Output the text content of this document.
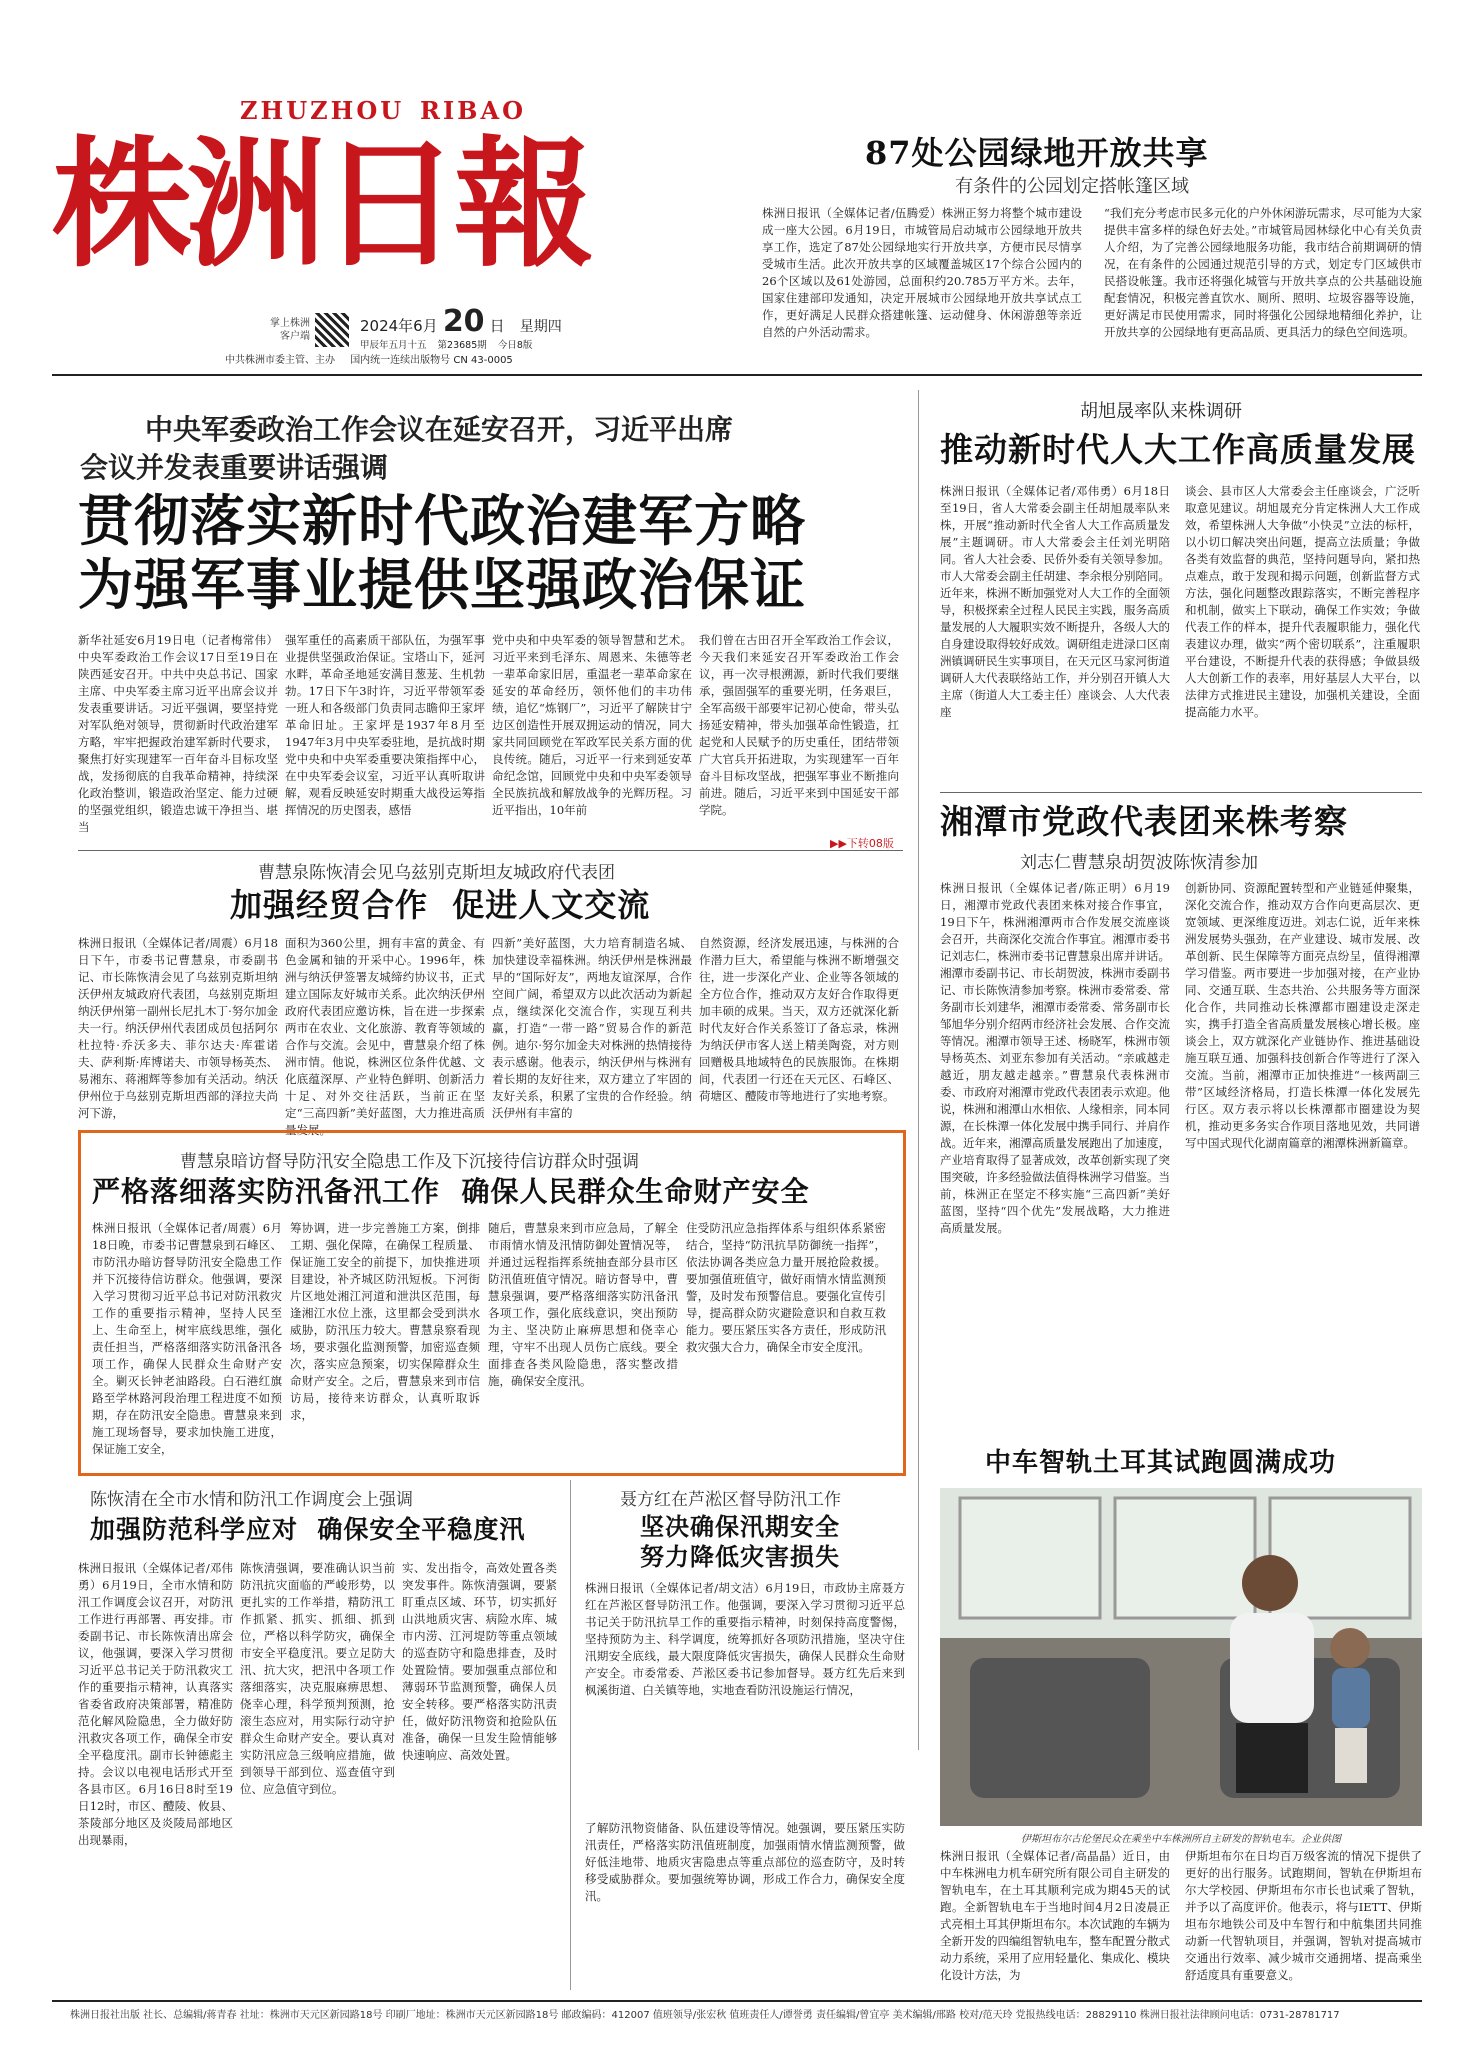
ZHUZHOU RIBAO
株洲日報
掌上株洲
客户端
2024年6月 20 日 星期四
甲辰年五月十五 第23685期 今日8版
中共株洲市委主管、主办 国内统一连续出版物号 CN 43-0005
87处公园绿地开放共享
有条件的公园划定搭帐篷区域
株洲日报讯（全媒体记者/伍腾爱）株洲正努力将整个城市建设成一座大公园。6月19日，市城管局启动城市公园绿地开放共享工作，选定了87处公园绿地实行开放共享，方便市民尽情享受城市生活。此次开放共享的区域覆盖城区17个综合公园内的26个区域以及61处游园，总面积约20.785万平方米。去年，国家住建部印发通知，决定开展城市公园绿地开放共享试点工作，更好满足人民群众搭建帐篷、运动健身、休闲游憩等亲近自然的户外活动需求。
“我们充分考虑市民多元化的户外休闲游玩需求，尽可能为大家提供丰富多样的绿色好去处。”市城管局园林绿化中心有关负责人介绍，为了完善公园绿地服务功能，我市结合前期调研的情况，在有条件的公园通过规范引导的方式，划定专门区域供市民搭设帐篷。我市还将强化城管与开放共享点的公共基础设施配套情况，积极完善直饮水、厕所、照明、垃圾容器等设施，更好满足市民使用需求，同时将强化公园绿地精细化养护，让开放共享的公园绿地有更高品质、更具活力的绿色空间选项。
中央军委政治工作会议在延安召开，习近平出席
会议并发表重要讲话强调
贯彻落实新时代政治建军方略
为强军事业提供坚强政治保证
新华社延安6月19日电（记者梅常伟）中央军委政治工作会议17日至19日在陕西延安召开。中共中央总书记、国家主席、中央军委主席习近平出席会议并发表重要讲话。习近平强调，要坚持党对军队绝对领导，贯彻新时代政治建军方略，牢牢把握政治建军新时代要求，聚焦打好实现建军一百年奋斗目标攻坚战，发扬彻底的自我革命精神，持续深化政治整训，锻造政治坚定、能力过硬的坚强党组织，锻造忠诚干净担当、堪当
强军重任的高素质干部队伍，为强军事业提供坚强政治保证。宝塔山下，延河水畔，革命圣地延安满目葱茏、生机勃勃。17日下午3时许，习近平带领军委一班人和各级部门负责同志瞻仰王家坪革命旧址。王家坪是1937年8月至1947年3月中央军委驻地，是抗战时期党中央和中央军委重要决策指挥中心，在中央军委会议室，习近平认真听取讲解，观看反映延安时期重大战役运筹指挥情况的历史图表，感悟
党中央和中央军委的领导智慧和艺术。习近平来到毛泽东、周恩来、朱德等老一辈革命家旧居，重温老一辈革命家在延安的革命经历，领怀他们的丰功伟绩，追忆“炼钢厂”，习近平了解陕甘宁边区创造性开展双拥运动的情况，同大家共同回顾党在军政军民关系方面的优良传统。随后，习近平一行来到延安革命纪念馆，回顾党中央和中央军委领导全民族抗战和解放战争的光辉历程。习近平指出，10年前
我们曾在古田召开全军政治工作会议，今天我们来延安召开军委政治工作会议，再一次寻根溯源，新时代我们要继承，强固强军的重要光明，任务艰巨，全军高级干部要牢记初心使命，带头弘扬延安精神，带头加强革命性锻造，扛起党和人民赋予的历史重任，团结带领广大官兵开拓进取，为实现建军一百年奋斗目标攻坚战，把强军事业不断推向前进。随后，习近平来到中国延安干部学院。
▶▶下转08版
胡旭晟率队来株调研
推动新时代人大工作高质量发展
株洲日报讯（全媒体记者/邓伟勇）6月18日至19日，省人大常委会副主任胡旭晟率队来株，开展“推动新时代全省人大工作高质量发展”主题调研。市人大常委会主任刘光明陪同。省人大社会委、民侨外委有关领导参加。市人大常委会副主任胡建、李余根分别陪同。近年来，株洲不断加强党对人大工作的全面领导，积极探索全过程人民民主实践，服务高质量发展的人大履职实效不断提升，各级人大的自身建设取得较好成效。调研组走进渌口区南洲镇调研民生实事项目，在天元区马家河街道调研人大代表联络站工作，并分别召开镇人大主席（街道人大工委主任）座谈会、人大代表座
谈会、县市区人大常委会主任座谈会，广泛听取意见建议。胡旭晟充分肯定株洲人大工作成效，希望株洲人大争做“小快灵”立法的标杆，以小切口解决突出问题，提高立法质量；争做各类有效监督的典范，坚持问题导向，紧扣热点难点，敢于发现和揭示问题，创新监督方式方法，强化问题整改跟踪落实，不断完善程序和机制，做实上下联动，确保工作实效；争做代表工作的样本，提升代表履职能力，强化代表建议办理，做实“两个密切联系”，注重履职平台建设，不断提升代表的获得感；争做县级人大创新工作的表率，用好基层人大平台，以法律方式推进民主建设，加强机关建设，全面提高能力水平。
湘潭市党政代表团来株考察
刘志仁曹慧泉胡贺波陈恢清参加
株洲日报讯（全媒体记者/陈正明）6月19日，湘潭市党政代表团来株对接合作事宜，19日下午，株洲湘潭两市合作发展交流座谈会召开，共商深化交流合作事宜。湘潭市委书记刘志仁，株洲市委书记曹慧泉出席并讲话。湘潭市委副书记、市长胡贺波，株洲市委副书记、市长陈恢清参加考察。株洲市委常委、常务副市长刘建华，湘潭市委常委、常务副市长邹旭华分别介绍两市经济社会发展、合作交流等情况。湘潭市领导王述、杨晓军，株洲市领导杨英杰、刘亚东参加有关活动。“亲戚越走越近，朋友越走越亲。”曹慧泉代表株洲市委、市政府对湘潭市党政代表团表示欢迎。他说，株洲和湘潭山水相依、人缘相亲，同本同源，在长株潭一体化发展中携手同行、并肩作战。近年来，湘潭高质量发展跑出了加速度，产业培育取得了显著成效，改革创新实现了突围突破，许多经验做法值得株洲学习借鉴。当前，株洲正在坚定不移实施“三高四新”美好蓝图，坚持“四个优先”发展战略，大力推进高质量发展。
创新协同、资源配置转型和产业链延伸聚集，深化交流合作，推动双方合作向更高层次、更宽领域、更深维度迈进。刘志仁说，近年来株洲发展势头强劲，在产业建设、城市发展、改革创新、民生保障等方面亮点纷呈，值得湘潭学习借鉴。两市要进一步加强对接，在产业协同、交通互联、生态共治、公共服务等方面深化合作，共同推动长株潭都市圈建设走深走实，携手打造全省高质量发展核心增长极。座谈会上，双方就深化产业链协作、推进基础设施互联互通、加强科技创新合作等进行了深入交流。当前，湘潭市正加快推进“一核两副三带”区域经济格局，打造长株潭一体化发展先行区。双方表示将以长株潭都市圈建设为契机，推动更多务实合作项目落地见效，共同谱写中国式现代化湖南篇章的湘潭株洲新篇章。
曹慧泉陈恢清会见乌兹别克斯坦友城政府代表团
加强经贸合作  促进人文交流
株洲日报讯（全媒体记者/周震）6月18日下午，市委书记曹慧泉，市委副书记、市长陈恢清会见了乌兹别克斯坦纳沃伊州友城政府代表团，乌兹别克斯坦纳沃伊州第一副州长尼扎木丁·努尔加金夫一行。纳沃伊州代表团成员包括阿尔杜拉特·乔沃多夫、菲尔达夫·库霍诺夫、萨利斯·库博诺夫、市领导杨英杰、易湘东、蒋湘辉等参加有关活动。纳沃伊州位于乌兹别克斯坦西部的泽拉夫尚河下游，
面积为360公里，拥有丰富的黄金、有色金属和铀的开采中心。1996年，株洲与纳沃伊签署友城缔约协议书，正式建立国际友好城市关系。此次纳沃伊州政府代表团应邀访株，旨在进一步探索两市在农业、文化旅游、教育等领域的合作与交流。会见中，曹慧泉介绍了株洲市情。他说，株洲区位条件优越、文化底蕴深厚、产业特色鲜明、创新活力十足、对外交往活跃，当前正在坚定“三高四新”美好蓝图，大力推进高质量发展。
四新”美好蓝图，大力培育制造名城、加快建设幸福株洲。纳沃伊州是株洲最早的“国际好友”，两地友谊深厚，合作空间广阔，希望双方以此次活动为新起点，继续深化交流合作，实现互利共赢，打造“一带一路”贸易合作的新范例。迪尔·努尔加金夫对株洲的热情接待表示感谢。他表示，纳沃伊州与株洲有着长期的友好往来，双方建立了牢固的友好关系，积累了宝贵的合作经验。纳沃伊州有丰富的
自然资源，经济发展迅速，与株洲的合作潜力巨大，希望能与株洲不断增强交往，进一步深化产业、企业等各领域的全方位合作，推动双方友好合作取得更加丰硕的成果。当天，双方还就深化新时代友好合作关系签订了备忘录，株洲为纳沃伊市客人送上精美陶瓷，对方则回赠极具地域特色的民族服饰。在株期间，代表团一行还在天元区、石峰区、荷塘区、醴陵市等地进行了实地考察。
曹慧泉暗访督导防汛安全隐患工作及下沉接待信访群众时强调
严格落细落实防汛备汛工作  确保人民群众生命财产安全
株洲日报讯（全媒体记者/周震）6月18日晚，市委书记曹慧泉到石峰区、市防汛办暗访督导防汛安全隐患工作并下沉接待信访群众。他强调，要深入学习贯彻习近平总书记对防汛救灾工作的重要指示精神，坚持人民至上、生命至上，树牢底线思维，强化责任担当，严格落细落实防汛备汛各项工作，确保人民群众生命财产安全。剿灭长钟老油路段。白石港红旗路至学林路河段治理工程进度不如预期，存在防汛安全隐患。曹慧泉来到施工现场督导，要求加快施工进度，保证施工安全，
筹协调，进一步完善施工方案，倒排工期、强化保障，在确保工程质量、保证施工安全的前提下，加快推进项目建设，补齐城区防汛短板。下河街片区地处湘江河道和泄洪区范围，每逢湘江水位上涨，这里都会受到洪水威胁，防汛压力较大。曹慧泉察看现场，要求强化监测预警，加密巡查频次，落实应急预案，切实保障群众生命财产安全。之后，曹慧泉来到市信访局，接待来访群众，认真听取诉求，
随后，曹慧泉来到市应急局，了解全市雨情水情及汛情防御处置情况等，并通过远程指挥系统抽查部分县市区防汛值班值守情况。暗访督导中，曹慧泉强调，要严格落细落实防汛备汛各项工作，强化底线意识，突出预防为主、坚决防止麻痹思想和侥幸心理，守牢不出现人员伤亡底线。要全面排查各类风险隐患，落实整改措施，确保安全度汛。
住受防汛应急指挥体系与组织体系紧密结合，坚持“防汛抗旱防御统一指挥”，依法协调各类应急力量开展抢险救援。要加强值班值守，做好雨情水情监测预警，及时发布预警信息。要强化宣传引导，提高群众防灾避险意识和自救互救能力。要压紧压实各方责任，形成防汛救灾强大合力，确保全市安全度汛。
陈恢清在全市水情和防汛工作调度会上强调
加强防范科学应对  确保安全平稳度汛
株洲日报讯（全媒体记者/邓伟勇）6月19日，全市水情和防汛工作调度会议召开，对防汛工作进行再部署、再安排。市委副书记、市长陈恢清出席会议，他强调，要深入学习贯彻习近平总书记关于防汛救灾工作的重要指示精神，认真落实省委省政府决策部署，精准防范化解风险隐患，全力做好防汛救灾各项工作，确保全市安全平稳度汛。副市长钟德彪主持。会议以电视电话形式开至各县市区。6月16日8时至19日12时，市区、醴陵、攸县、茶陵部分地区及炎陵局部地区出现暴雨，
陈恢清强调，要准确认识当前防汛抗灾面临的严峻形势，以更扎实的工作举措，精防汛工作抓紧、抓实、抓细、抓到位，严格以科学防灾，确保全市安全平稳度汛。要立足防大汛、抗大灾，把汛中各项工作落细落实，决克服麻痹思想、侥幸心理，科学预判预测，抢滚生态应对，用实际行动守护群众生命财产安全。要认真对实防汛应急三级响应措施，做到领导干部到位、巡查值守到位、应急值守到位。
实、发出指令，高效处置各类突发事件。陈恢清强调，要紧盯重点区域、环节，切实抓好山洪地质灾害、病险水库、城市内涝、江河堤防等重点领域的巡查防守和隐患排查，及时处置险情。要加强重点部位和薄弱环节监测预警，确保人员安全转移。要严格落实防汛责任，做好防汛物资和抢险队伍准备，确保一旦发生险情能够快速响应、高效处置。
聂方红在芦淞区督导防汛工作
坚决确保汛期安全
努力降低灾害损失
株洲日报讯（全媒体记者/胡文洁）6月19日，市政协主席聂方红在芦淞区督导防汛工作。他强调，要深入学习贯彻习近平总书记关于防汛抗旱工作的重要指示精神，时刻保持高度警惕，坚持预防为主、科学调度，统筹抓好各项防汛措施，坚决守住汛期安全底线，最大限度降低灾害损失，确保人民群众生命财产安全。市委常委、芦淞区委书记参加督导。聂方红先后来到枫溪街道、白关镇等地，实地查看防汛设施运行情况，
了解防汛物资储备、队伍建设等情况。她强调，要压紧压实防汛责任，严格落实防汛值班制度，加强雨情水情监测预警，做好低洼地带、地质灾害隐患点等重点部位的巡查防守，及时转移受威胁群众。要加强统筹协调，形成工作合力，确保安全度汛。
中车智轨土耳其试跑圆满成功
伊斯坦布尔古伦堡民众在乘坐中车株洲所自主研发的智轨电车。企业供图
株洲日报讯（全媒体记者/高晶晶）近日，由中车株洲电力机车研究所有限公司自主研发的智轨电车，在土耳其顺利完成为期45天的试跑。全新智轨电车于当地时间4月2日凌晨正式亮相土耳其伊斯坦布尔。本次试跑的车辆为全新开发的四编组智轨电车，整车配置分散式动力系统，采用了应用轻量化、集成化、模块化设计方法，为
伊斯坦布尔在日均百万级客流的情况下提供了更好的出行服务。试跑期间，智轨在伊斯坦布尔大学校园、伊斯坦布尔市长也试乘了智轨，并予以了高度评价。他表示，将与IETT、伊斯坦布尔地铁公司及中车智行和中航集团共同推动新一代智轨项目，并强调，智轨对提高城市交通出行效率、减少城市交通拥堵、提高乘坐舒适度具有重要意义。
株洲日报社出版 社长、总编辑/蒋青春 社址：株洲市天元区新园路18号 印刷厂地址：株洲市天元区新园路18号 邮政编码：412007 值班领导/张宏秋 值班责任人/谭誉勇 责任编辑/曾宜亭 美术编辑/邢路 校对/范天玲 党报热线电话：28829110 株洲日报社法律顾问电话：0731-28781717
